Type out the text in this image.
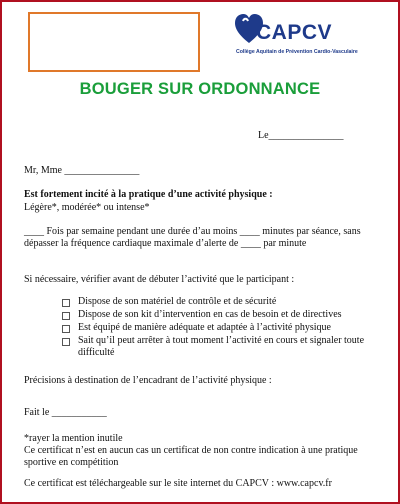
CAPCV
Collège Aquitain de Prévention Cardio-Vasculaire
BOUGER SUR ORDONNANCE
Le_______________
Mr, Mme _______________
Est fortement incité à la pratique d’une activité physique :
Légère*, modérée* ou intense*
____ Fois par semaine pendant une durée d’au moins ____ minutes par séance, sans
dépasser la fréquence cardiaque maximale d’alerte de ____ par minute
Si nécessaire, vérifier avant de débuter l’activité que le participant :
Dispose de son matériel de contrôle et de sécurité
Dispose de son kit d’intervention en cas de besoin et de directives
Est équipé de manière adéquate et adaptée à l’activité physique
Sait qu’il peut arrêter à tout moment l’activité en cours et signaler toute difficulté
Précisions à destination de l’encadrant de l’activité physique :
Fait le ___________
*rayer la mention inutile
Ce certificat n’est en aucun cas un certificat de non contre indication à une pratique sportive en compétition
Ce certificat est téléchargeable sur le site internet du CAPCV : www.capcv.fr
